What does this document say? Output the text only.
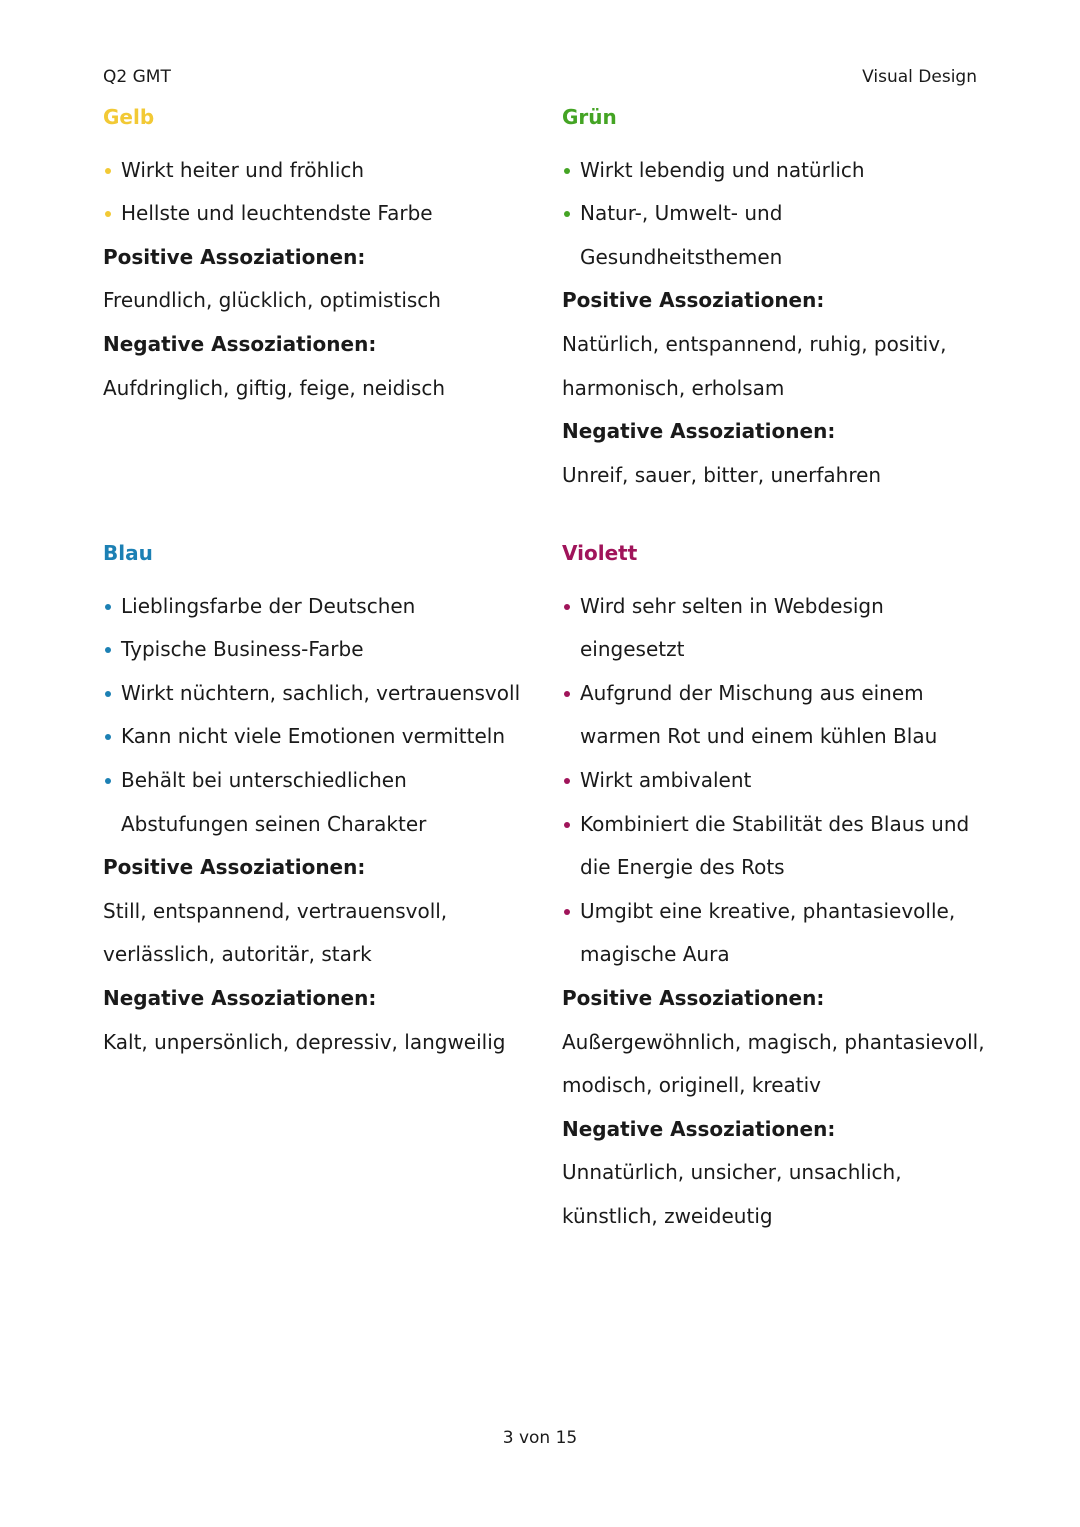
Q2 GMT	Visual Design
Gelb
Wirkt heiter und fröhlich
Hellste und leuchtendste Farbe
Positive Assoziationen:
Freundlich, glücklich, optimistisch
Negative Assoziationen:
Aufdringlich, giftig, feige, neidisch
Grün
Wirkt lebendig und natürlich
Natur-, Umwelt- und
Gesundheitsthemen
Positive Assoziationen:
Natürlich, entspannend, ruhig, positiv,
harmonisch, erholsam
Negative Assoziationen:
Unreif, sauer, bitter, unerfahren
Blau
Lieblingsfarbe der Deutschen
Typische Business-Farbe
Wirkt nüchtern, sachlich, vertrauensvoll
Kann nicht viele Emotionen vermitteln
Behält bei unterschiedlichen
Abstufungen seinen Charakter
Positive Assoziationen:
Still, entspannend, vertrauensvoll,
verlässlich, autoritär, stark
Negative Assoziationen:
Kalt, unpersönlich, depressiv, langweilig
Violett
Wird sehr selten in Webdesign
eingesetzt
Aufgrund der Mischung aus einem
warmen Rot und einem kühlen Blau
Wirkt ambivalent
Kombiniert die Stabilität des Blaus und
die Energie des Rots
Umgibt eine kreative, phantasievolle,
magische Aura
Positive Assoziationen:
Außergewöhnlich, magisch, phantasievoll,
modisch, originell, kreativ
Negative Assoziationen:
Unnatürlich, unsicher, unsachlich,
künstlich, zweideutig
3 von 15
